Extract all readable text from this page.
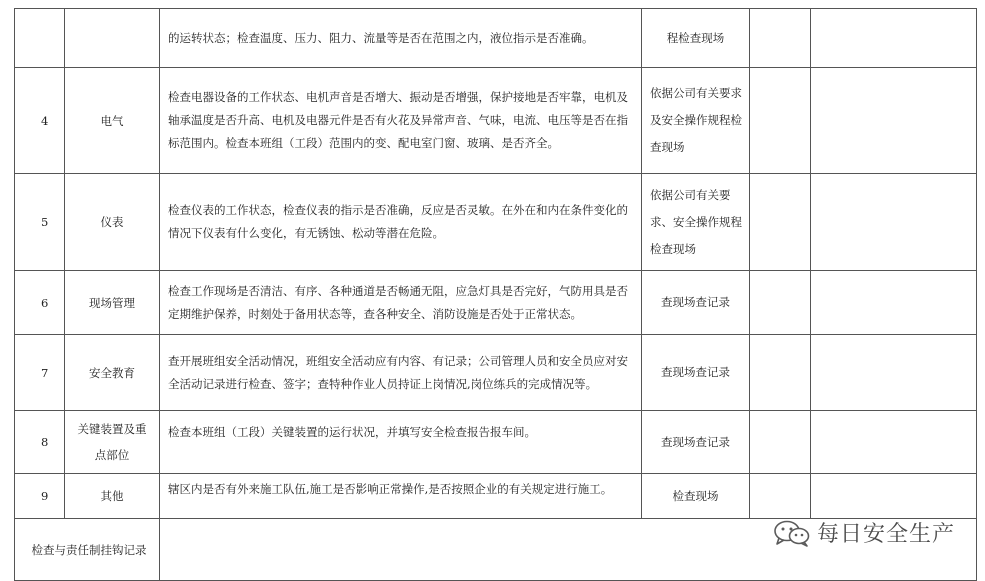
		的运转状态；检查温度、压力、阻力、流量等是否在范围之内，液位指示是否准确。	程检查现场		
4	电气	检查电器设备的工作状态、电机声音是否增大、振动是否增强，保护接地是否牢靠，电机及轴承温度是否升高、电机及电器元件是否有火花及异常声音、气味，电流、电压等是否在指标范围内。检查本班组（工段）范围内的变、配电室门窗、玻璃、是否齐全。	依据公司有关要求及安全操作规程检查现场		
5	仪表	检查仪表的工作状态，检查仪表的指示是否准确，反应是否灵敏。在外在和内在条件变化的情况下仪表有什么变化，有无锈蚀、松动等潜在危险。	依据公司有关要求、安全操作规程检查现场		
6	现场管理	检查工作现场是否清洁、有序、各种通道是否畅通无阻，应急灯具是否完好，气防用具是否定期维护保养，时刻处于备用状态等，查各种安全、消防设施是否处于正常状态。	查现场查记录		
7	安全教育	查开展班组安全活动情况，班组安全活动应有内容、有记录；公司管理人员和安全员应对安全活动记录进行检查、签字；查特种作业人员持证上岗情况,岗位练兵的完成情况等。	查现场查记录		
8	关键装置及重点部位	检查本班组（工段）关键装置的运行状况，并填写安全检查报告报车间。	查现场查记录		
9	其他	辖区内是否有外来施工队伍,施工是否影响正常操作,是否按照企业的有关规定进行施工。	检查现场		
检查与责任制挂钩记录					
每日安全生产
